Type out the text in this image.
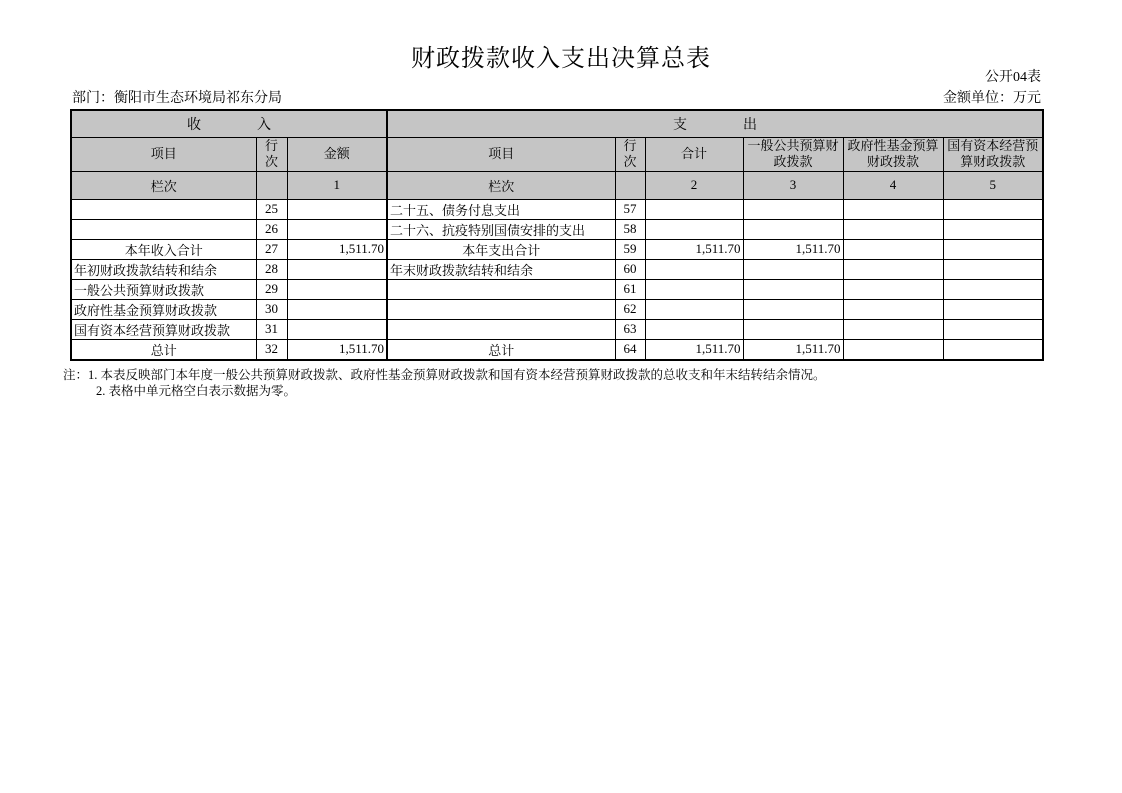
财政拨款收入支出决算总表
公开04表
部门：衡阳市生态环境局祁东分局	金额单位：万元
收　　　　入			支　　　　出					
项目	行次	金额	项目	行次	合计	一般公共预算财政拨款	政府性基金预算财政拨款	国有资本经营预算财政拨款
栏次		1	栏次		2	3	4	5
	25		二十五、债务付息支出	57				
	26		二十六、抗疫特别国债安排的支出	58				
本年收入合计	27	1,511.70	本年支出合计	59	1,511.70	1,511.70		
年初财政拨款结转和结余	28		年末财政拨款结转和结余	60				
一般公共预算财政拨款	29			61				
政府性基金预算财政拨款	30			62				
国有资本经营预算财政拨款	31			63				
总计	32	1,511.70	总计	64	1,511.70	1,511.70		
注：1. 本表反映部门本年度一般公共预算财政拨款、政府性基金预算财政拨款和国有资本经营预算财政拨款的总收支和年末结转结余情况。
2. 表格中单元格空白表示数据为零。
